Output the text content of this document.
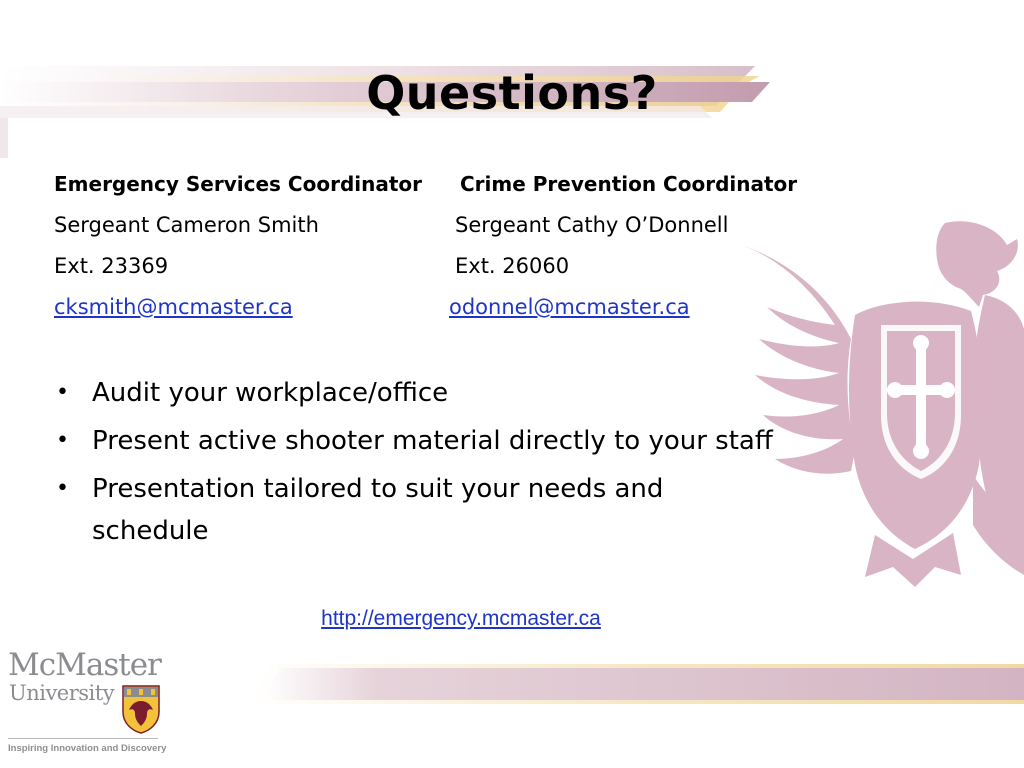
Questions?
Emergency Services Coordinator
Sergeant Cameron Smith
Ext. 23369
cksmith@mcmaster.ca
Crime Prevention Coordinator
Sergeant Cathy O’Donnell
Ext. 26060
odonnel@mcmaster.ca
• Audit your workplace/office
• Present active shooter material directly to your staff
• Presentation tailored to suit your needs and schedule
http://emergency.mcmaster.ca
McMaster
University
Inspiring Innovation and Discovery
